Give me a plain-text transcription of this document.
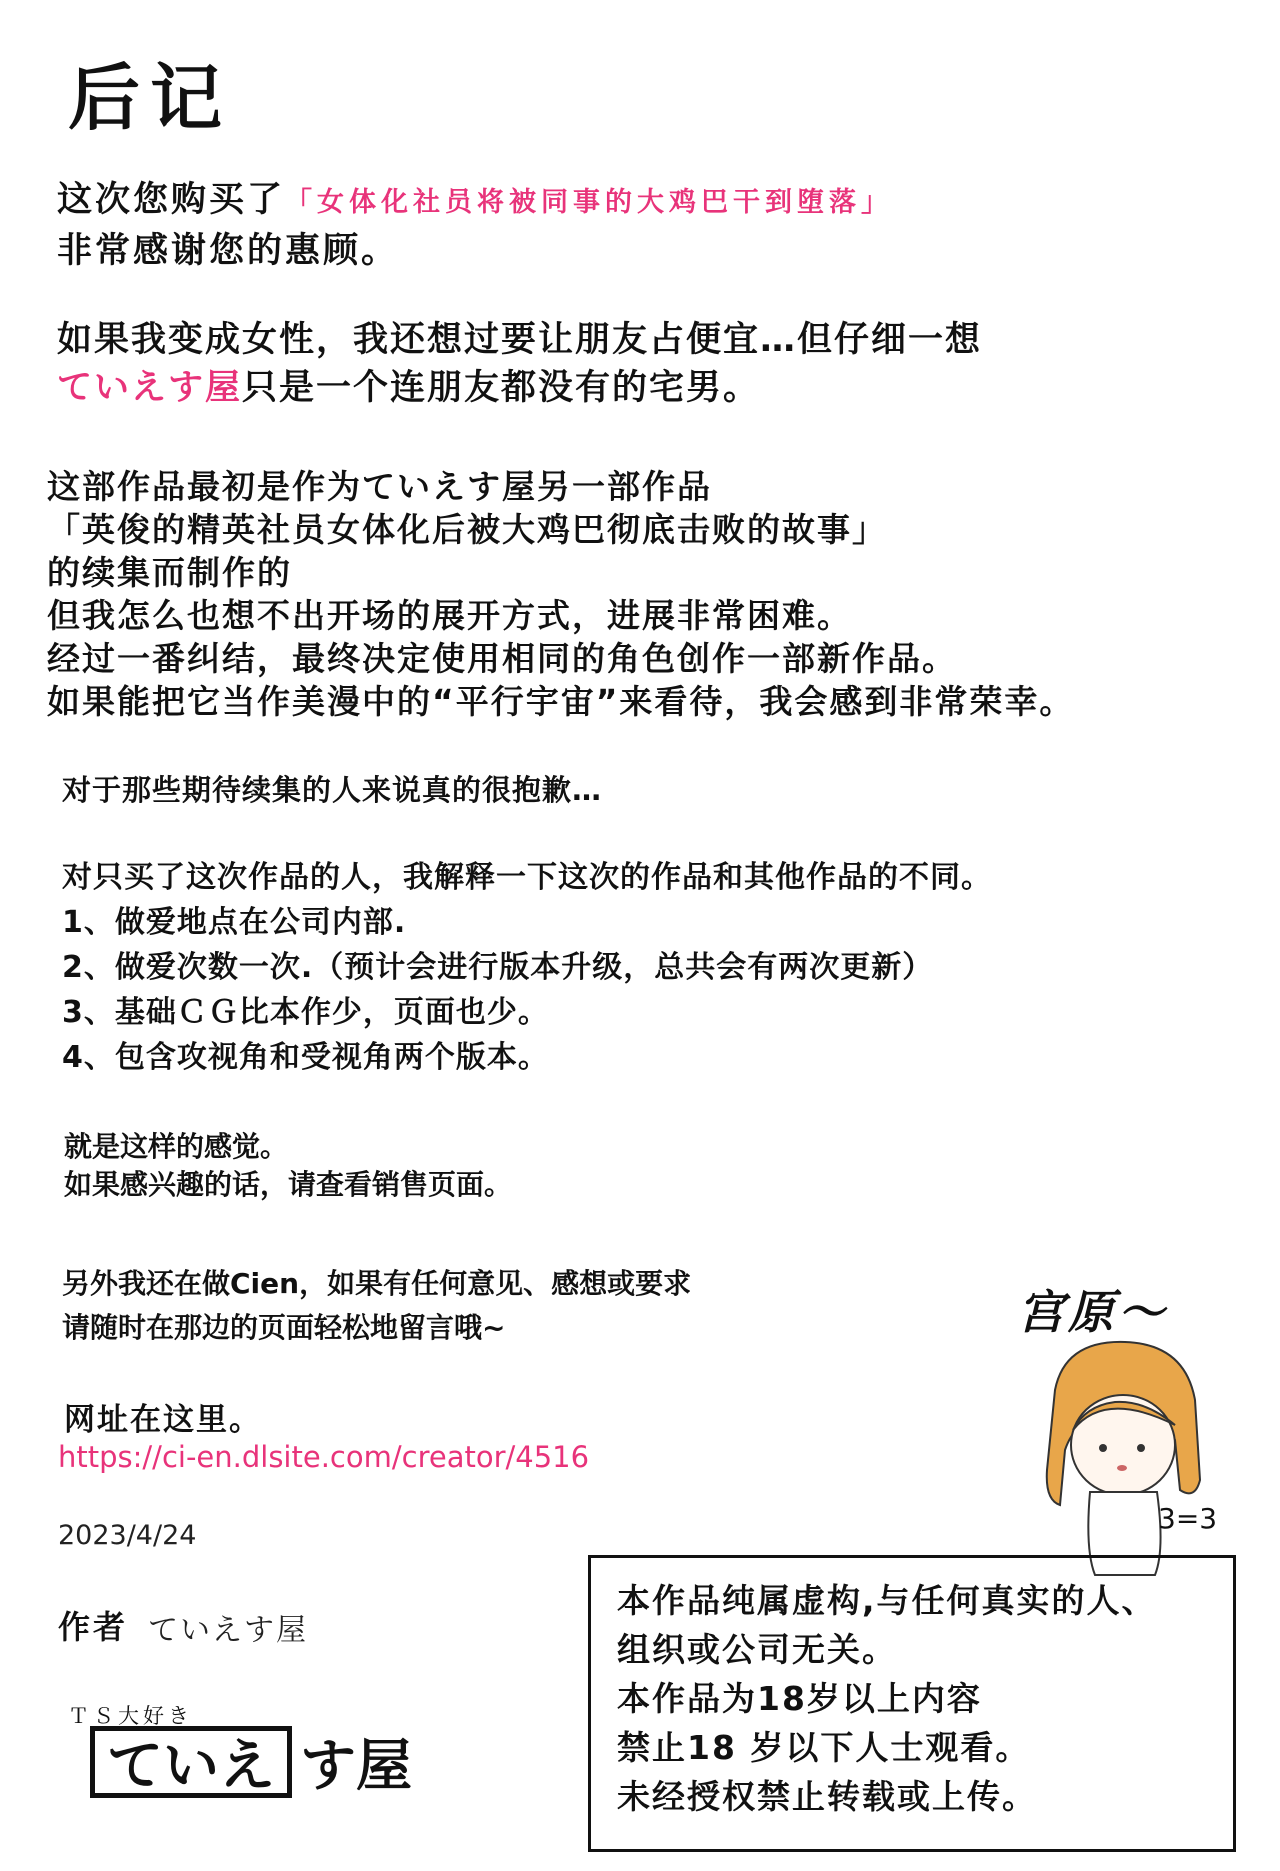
后记
这次您购买了「女体化社员将被同事的大鸡巴干到堕落」
非常感谢您的惠顾。
如果我变成女性，我还想过要让朋友占便宜…但仔细一想
ていえす屋只是一个连朋友都没有的宅男。
这部作品最初是作为ていえす屋另一部作品
「英俊的精英社员女体化后被大鸡巴彻底击败的故事」
的续集而制作的
但我怎么也想不出开场的展开方式，进展非常困难。
经过一番纠结，最终决定使用相同的角色创作一部新作品。
如果能把它当作美漫中的“平行宇宙”来看待，我会感到非常荣幸。
对于那些期待续集的人来说真的很抱歉…
对只买了这次作品的人，我解释一下这次的作品和其他作品的不同。
1、做爱地点在公司内部.
2、做爱次数一次.（预计会进行版本升级，总共会有两次更新）
3、基础ＣＧ比本作少，页面也少。
4、包含攻视角和受视角两个版本。
就是这样的感觉。
如果感兴趣的话，请查看销售页面。
另外我还在做Cien，如果有任何意见、感想或要求
请随时在那边的页面轻松地留言哦~
网址在这里。
https://ci-en.dlsite.com/creator/4516
2023/4/24
作者 ていえす屋
ＴＳ大好き
ていえ す屋
宫原～
3=3
本作品纯属虚构,与任何真实的人、
组织或公司无关。
本作品为18岁以上内容
禁止18 岁以下人士观看。
未经授权禁止转载或上传。
